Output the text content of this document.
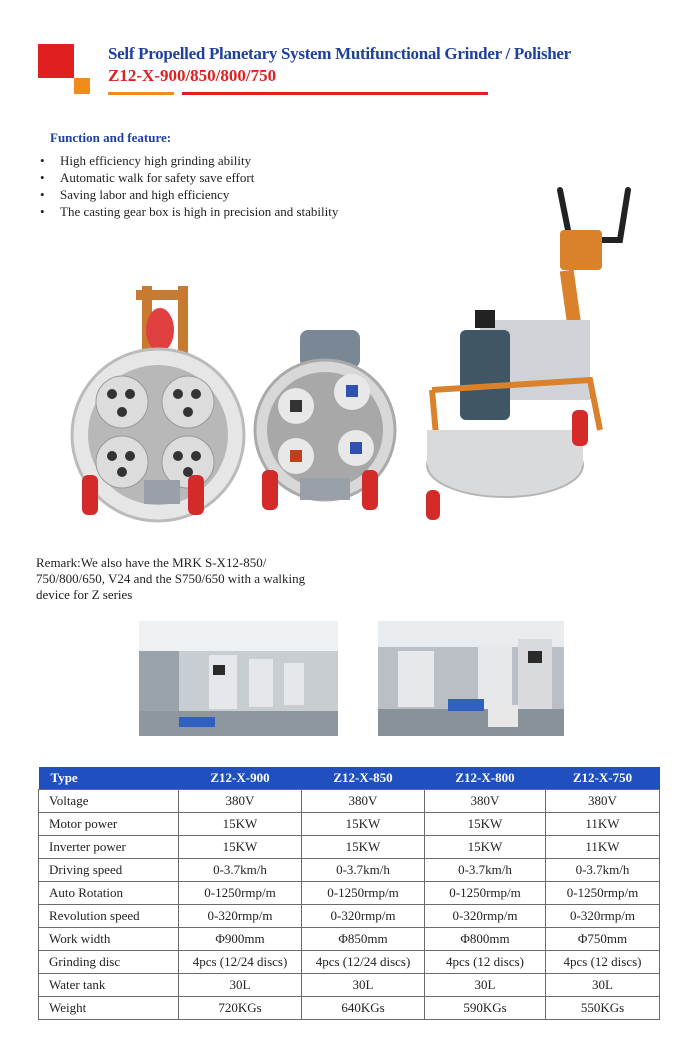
Self Propelled Planetary System Mutifunctional Grinder / Polisher
Z12-X-900/850/800/750
Function and feature:
• High efficiency high grinding ability
• Automatic walk for safety save effort
• Saving labor and high efficiency
• The casting gear box is high in precision and stability
Remark:We also have the MRK S-X12-850/
750/800/650, V24 and the S750/650 with a walking
device for Z series
Type	Z12-X-900	Z12-X-850	Z12-X-800	Z12-X-750
Voltage	380V	380V	380V	380V
Motor power	15KW	15KW	15KW	11KW
Inverter power	15KW	15KW	15KW	11KW
Driving speed	0-3.7km/h	0-3.7km/h	0-3.7km/h	0-3.7km/h
Auto Rotation	0-1250rmp/m	0-1250rmp/m	0-1250rmp/m	0-1250rmp/m
Revolution speed	0-320rmp/m	0-320rmp/m	0-320rmp/m	0-320rmp/m
Work width	Φ900mm	Φ850mm	Φ800mm	Φ750mm
Grinding disc	4pcs (12/24 discs)	4pcs (12/24 discs)	4pcs (12 discs)	4pcs (12 discs)
Water tank	30L	30L	30L	30L
Weight	720KGs	640KGs	590KGs	550KGs
